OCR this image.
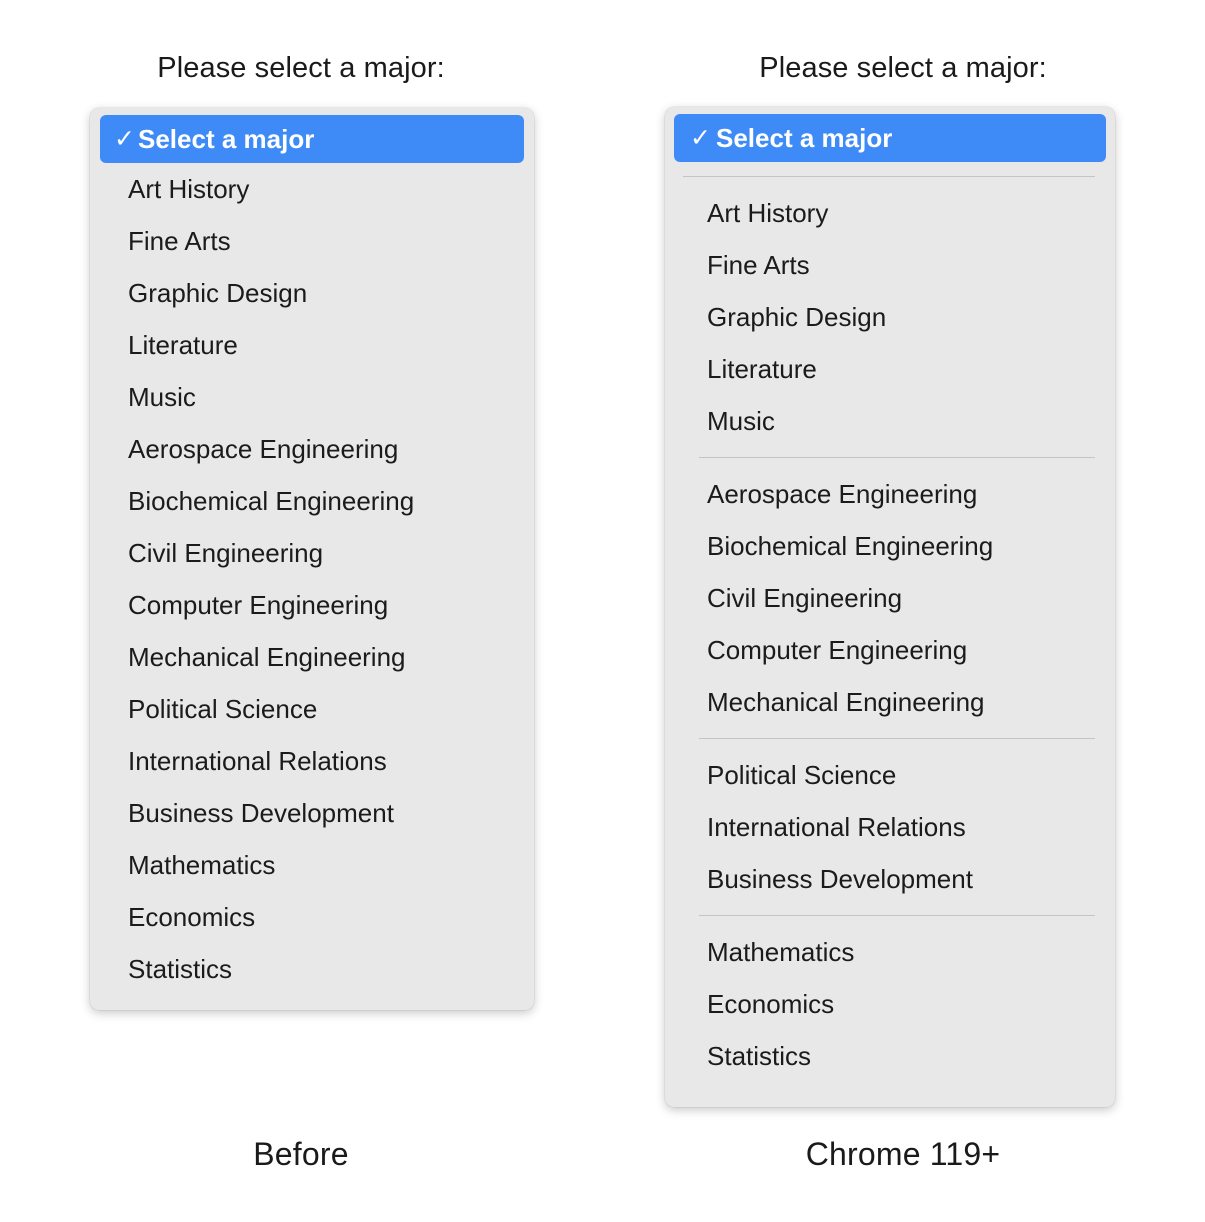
Please select a major:
✓ Select a major
Art History
Fine Arts
Graphic Design
Literature
Music
Aerospace Engineering
Biochemical Engineering
Civil Engineering
Computer Engineering
Mechanical Engineering
Political Science
International Relations
Business Development
Mathematics
Economics
Statistics
Before
Please select a major:
✓ Select a major
Art History
Fine Arts
Graphic Design
Literature
Music
Aerospace Engineering
Biochemical Engineering
Civil Engineering
Computer Engineering
Mechanical Engineering
Political Science
International Relations
Business Development
Mathematics
Economics
Statistics
Chrome 119+
